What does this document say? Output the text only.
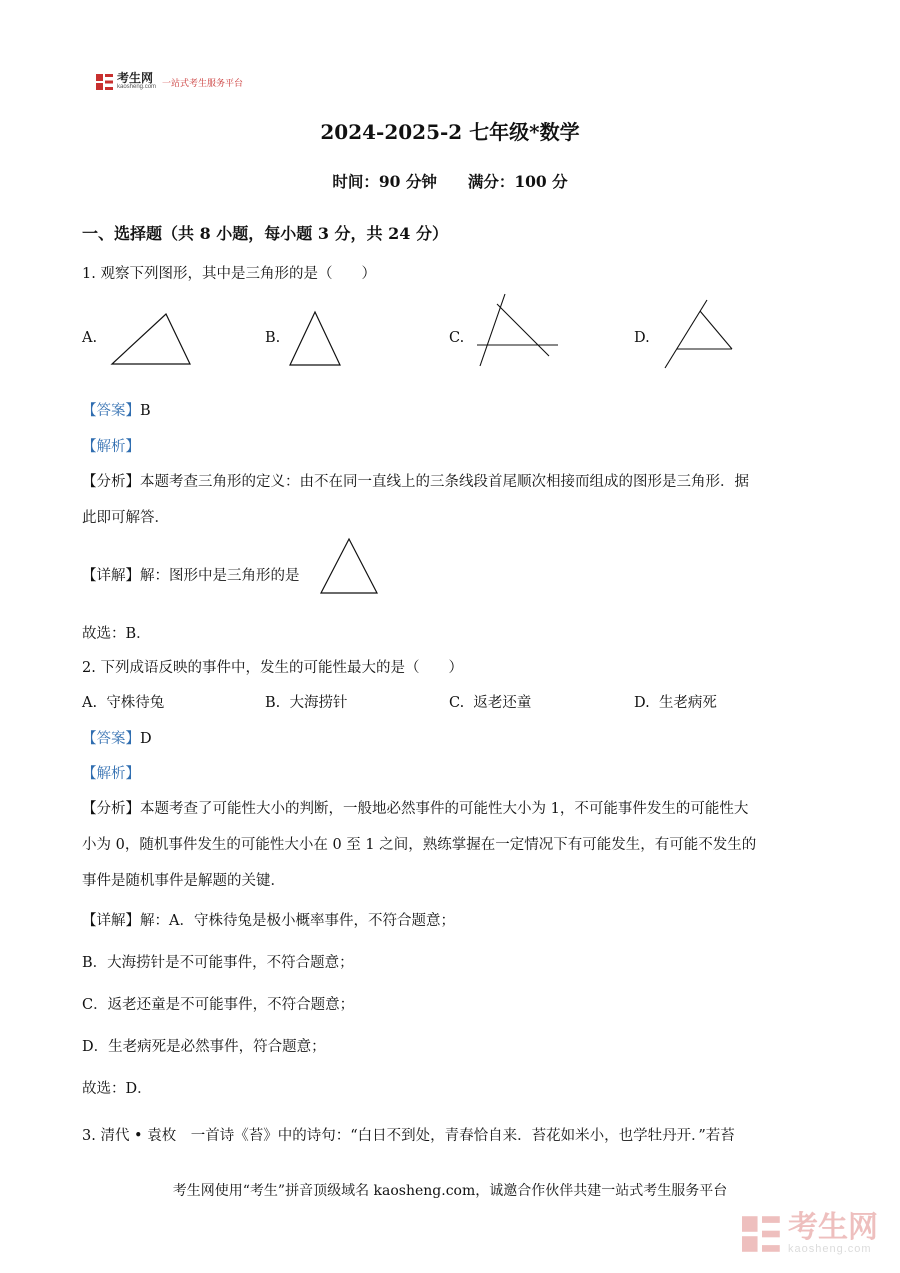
考生网
kaosheng.com 一站式考生服务平台
2024-2025-2 七年级*数学
时间：90 分钟　　满分：100 分
一、选择题（共 8 小题，每小题 3 分，共 24 分）
1. 观察下列图形，其中是三角形的是（　　）
A.	B.	C.	D.
【答案】B
【解析】
【分析】本题考查三角形的定义：由不在同一直线上的三条线段首尾顺次相接而组成的图形是三角形．据
此即可解答．
【详解】解：图形中是三角形的是
故选：B．
2. 下列成语反映的事件中，发生的可能性最大的是（　　）
A. 守株待兔	B. 大海捞针	C. 返老还童	D. 生老病死
【答案】D
【解析】
【分析】本题考查了可能性大小的判断，一般地必然事件的可能性大小为 1，不可能事件发生的可能性大
小为 0，随机事件发生的可能性大小在 0 至 1 之间，熟练掌握在一定情况下有可能发生，有可能不发生的
事件是随机事件是解题的关键．
【详解】解：A．守株待兔是极小概率事件，不符合题意；
B．大海捞针是不可能事件，不符合题意；
C．返老还童是不可能事件，不符合题意；
D．生老病死是必然事件，符合题意；
故选：D．
3. 清代 • 袁枚　一首诗《苔》中的诗句：“白日不到处，青春恰自来．苔花如米小，也学牡丹开．”若苔
考生网使用“考生”拼音顶级域名 kaosheng.com，诚邀合作伙伴共建一站式考生服务平台
考生网
kaosheng.com
